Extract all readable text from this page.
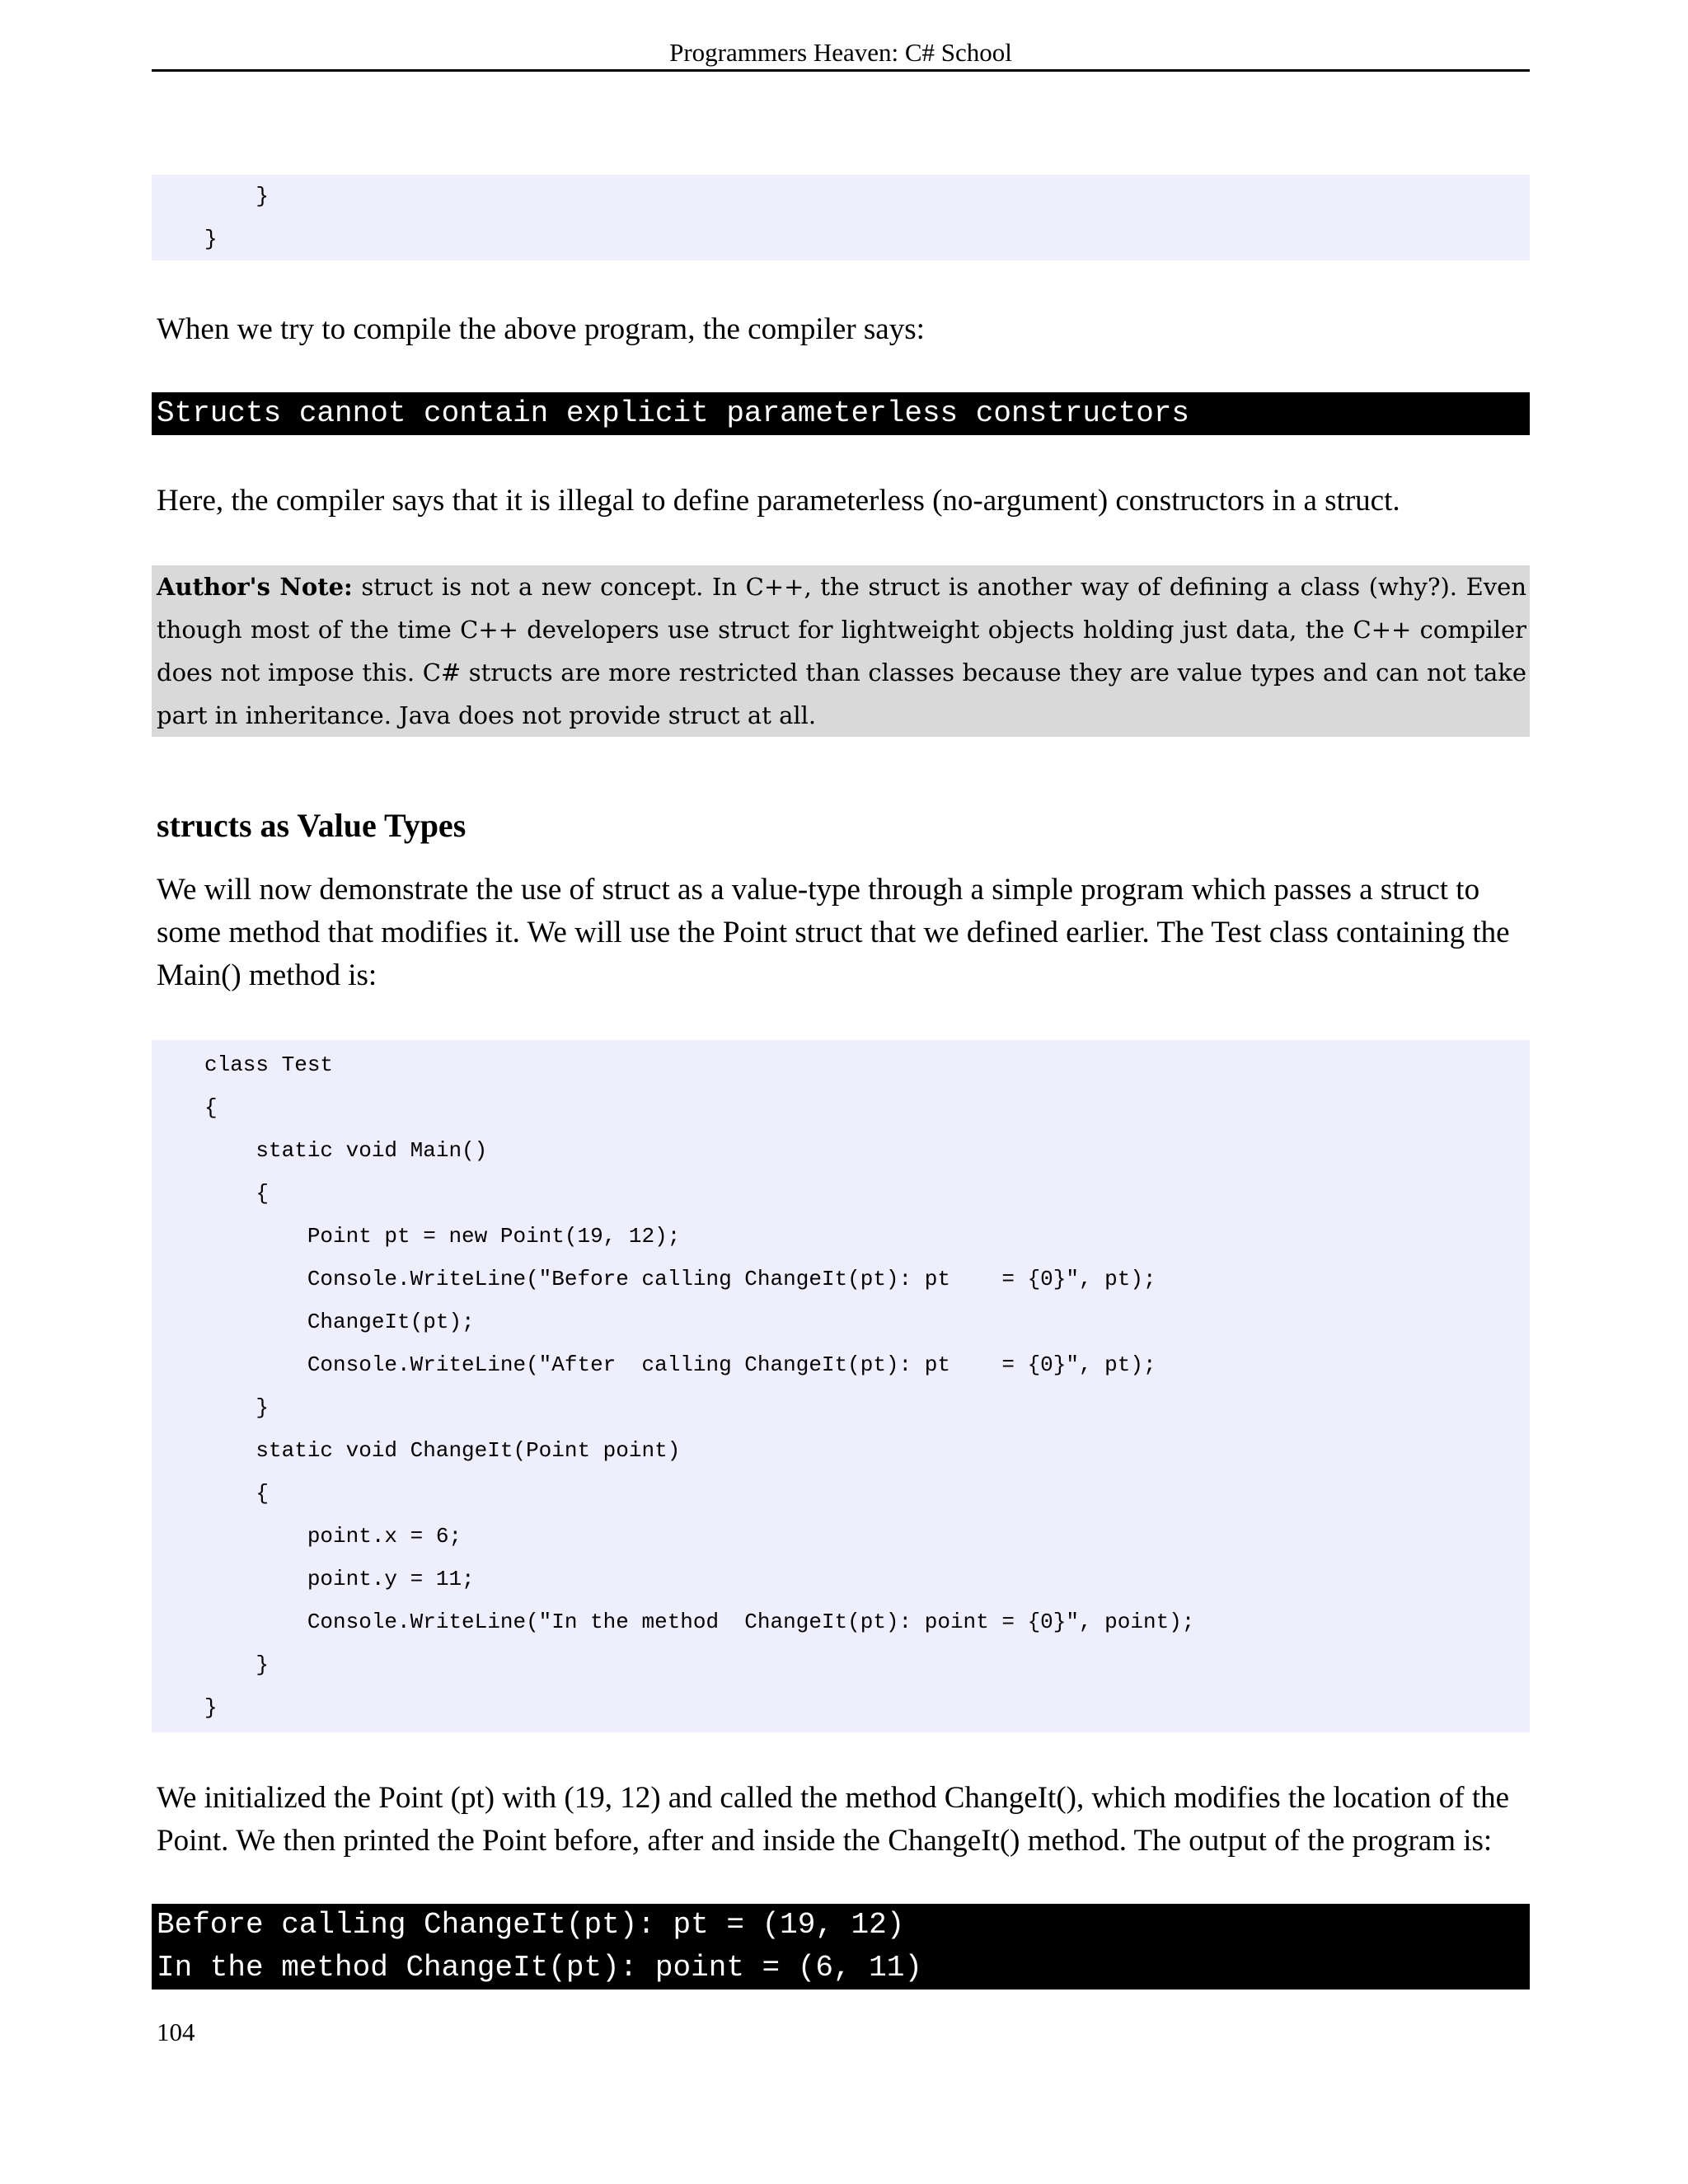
Programmers Heaven: C# School
}
}

When we try to compile the above program, the compiler says:

Structs cannot contain explicit parameterless constructors

Here, the compiler says that it is illegal to define parameterless (no-argument) constructors in a struct.

Author's Note: struct is not a new concept. In C++, the struct is another way of defining a class (why?). Even though most of the time C++ developers use struct for lightweight objects holding just data, the C++ compiler does not impose this. C# structs are more restricted than classes because they are value types and can not take part in inheritance. Java does not provide struct at all.
structs as Value Types

We will now demonstrate the use of struct as a value-type through a simple program which passes a struct to some method that modifies it. We will use the Point struct that we defined earlier. The Test class containing the Main() method is:

class Test
{
static void Main()
{
Point pt = new Point(19, 12);
Console.WriteLine("Before calling ChangeIt(pt): pt    = {0}", pt);
ChangeIt(pt);
Console.WriteLine("After  calling ChangeIt(pt): pt    = {0}", pt);
}
static void ChangeIt(Point point)
{
point.x = 6;
point.y = 11;
Console.WriteLine("In the method  ChangeIt(pt): point = {0}", point);
}
}

We initialized the Point (pt) with (19, 12) and called the method ChangeIt(), which modifies the location of the Point. We then printed the Point before, after and inside the ChangeIt() method. The output of the program is:

Before calling ChangeIt(pt): pt = (19, 12)
In the method ChangeIt(pt): point = (6, 11)
104
